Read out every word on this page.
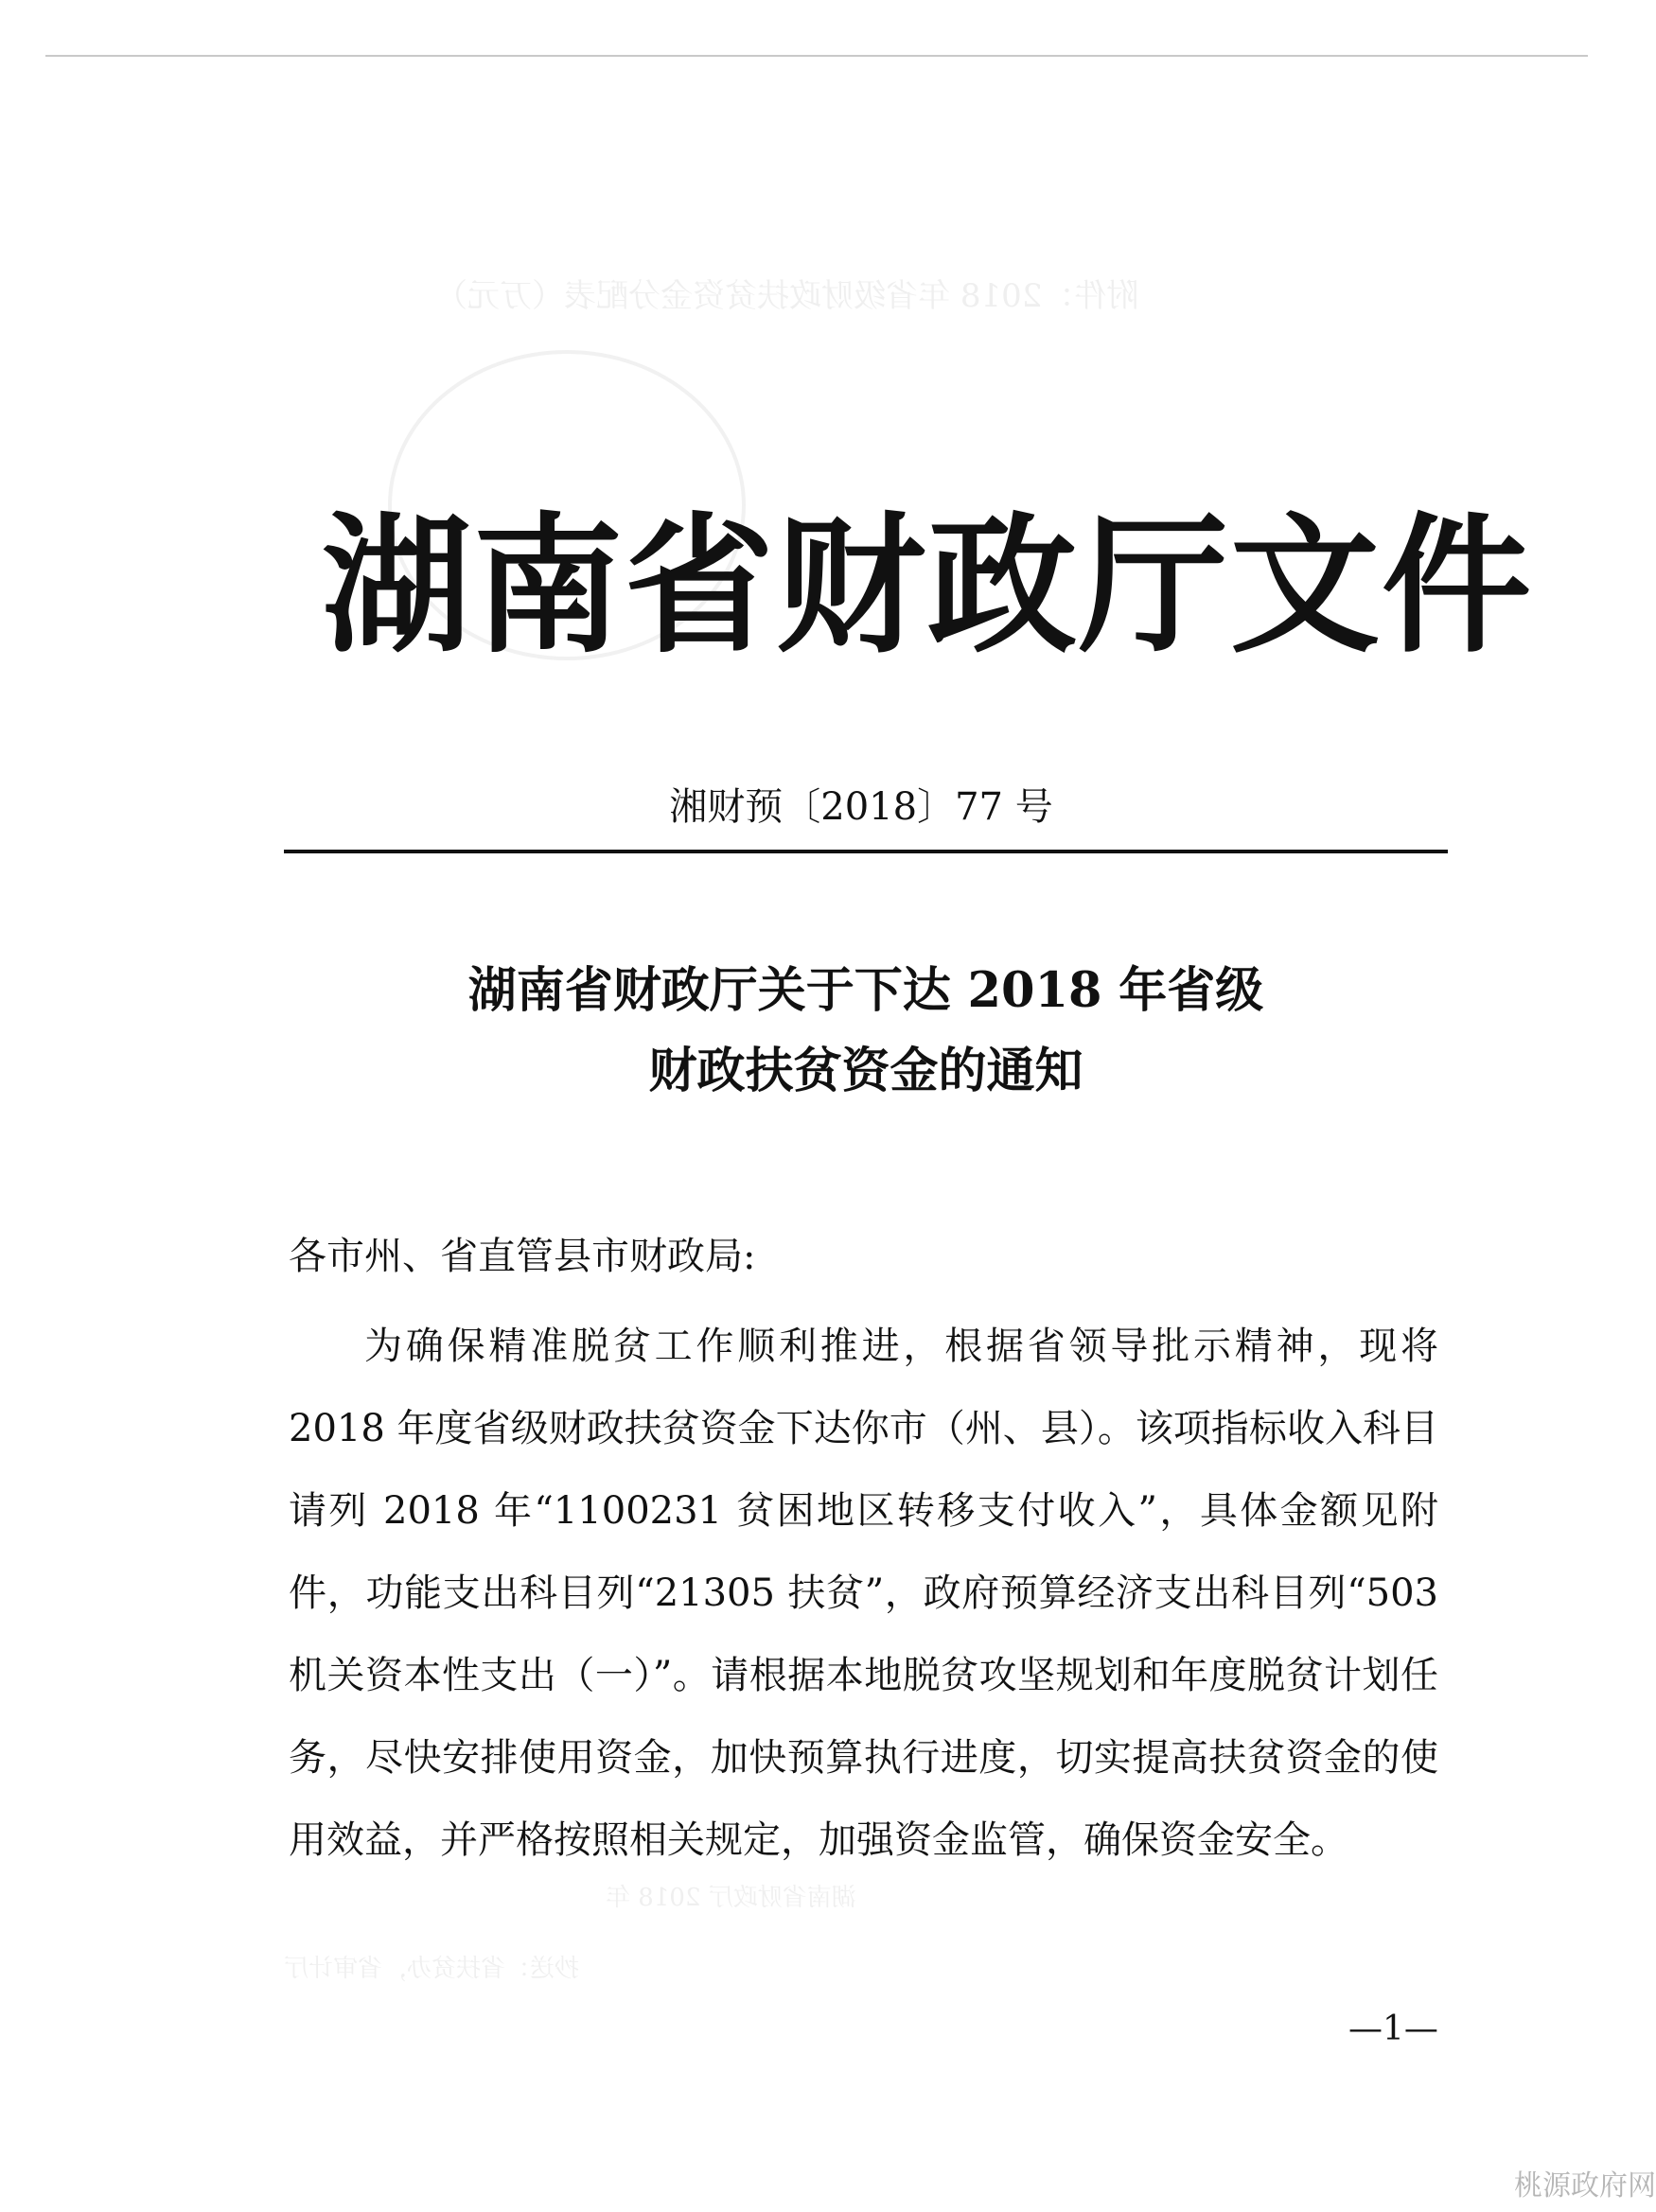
附件：2018 年省级财政扶贫资金分配表（万元）
湖南省财政厅 2018 年
抄送：省扶贫办，省审计厅
湖南省财政厅文件
湘财预〔2018〕77 号
湖南省财政厅关于下达 2018 年省级
财政扶贫资金的通知
各市州、省直管县市财政局:
为确保精准脱贫工作顺利推进，根据省领导批示精神，现将 2018 年度省级财政扶贫资金下达你市（州、县）。该项指标收入科目请列 2018 年“1100231 贫困地区转移支付收入”，具体金额见附件，功能支出科目列“21305 扶贫”，政府预算经济支出科目列“503 机关资本性支出（一）”。请根据本地脱贫攻坚规划和年度脱贫计划任务，尽快安排使用资金，加快预算执行进度，切实提高扶贫资金的使用效益，并严格按照相关规定，加强资金监管，确保资金安全。
—1—
桃源政府网
